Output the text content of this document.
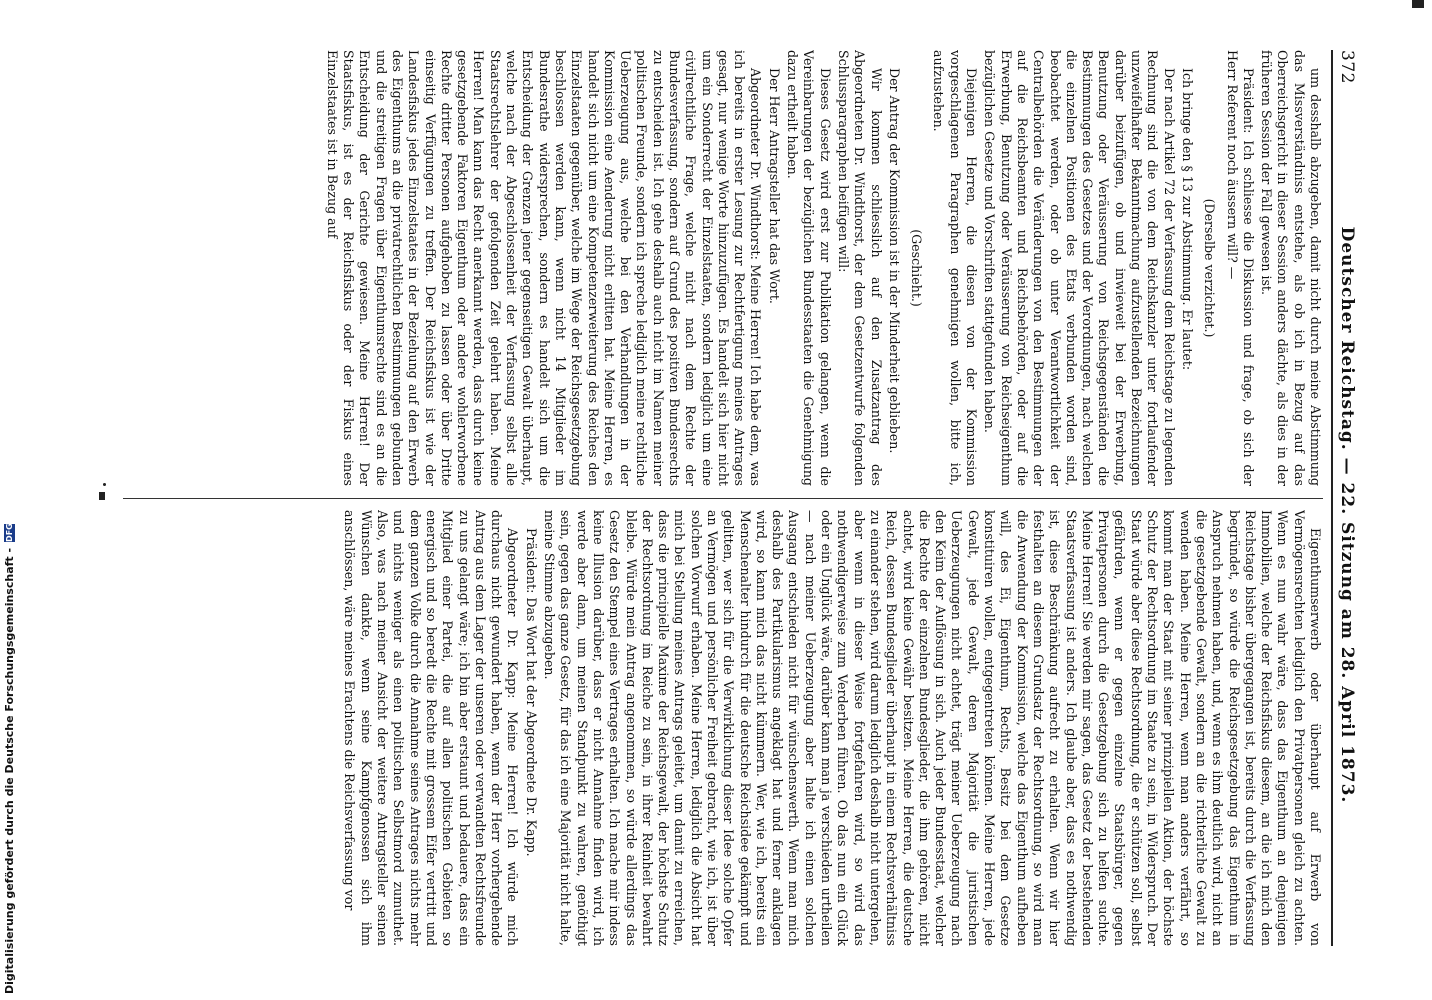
372
Deutscher Reichstag. — 22. Sitzung am 28. April 1873.

um desshalb abzugeben, damit nicht durch meine Abstimmung das Missverständniss entstehe, als ob ich in Bezug auf das Oberreichsgericht in dieser Session anders dächte, als dies in der früheren Session der Fall gewesen ist.

Präsident: Ich schliesse die Diskussion und frage, ob sich der Herr Referent noch äussern will? —

(Derselbe verzichtet.)

Ich bringe den § 13 zur Abstimmung. Er lautet:

Der nach Artikel 72 der Verfassung dem Reichstage zu legenden Rechnung sind die von dem Reichskanzler unter fortlaufender unzweifelhafter Bekanntmachung aufzustellenden Bezeichnungen darüber beizufügen, ob und inwieweit bei der Erwerbung, Benutzung oder Veräusserung von Reichsgegenständen die Bestimmungen des Gesetzes und der Verordnungen, nach welchen die einzelnen Positionen des Etats verbunden worden sind, beobachtet werden, oder ob unter Verantwortlichkeit der Centralbehörden die Veränderungen von den Bestimmungen der auf die Reichsbeamten und Reichsbehörden, oder auf die Erwerbung, Benutzung oder Veräusserung von Reichseigenthum bezüglichen Gesetze und Vorschriften stattgefunden haben.

Diejenigen Herren, die diesen von der Kommission vorgeschlagenen Paragraphen genehmigen wollen, bitte ich, aufzustehen.

(Geschieht.)

Der Antrag der Kommission ist in der Minderheit geblieben.

Wir kommen schliesslich auf den Zusatzantrag des Abgeordneten Dr. Windthorst, der dem Gesetzentwurfe folgenden Schlussparagraphen beifügen will:

Dieses Gesetz wird erst zur Publikation gelangen, wenn die Vereinbarungen der bezüglichen Bundesstaaten die Genehmigung dazu ertheilt haben.

Der Herr Antragsteller hat das Wort.

Abgeordneter Dr. Windthorst: Meine Herren! Ich habe dem, was ich bereits in erster Lesung zur Rechtfertigung meines Antrages gesagt, nur wenige Worte hinzuzufügen. Es handelt sich hier nicht um ein Sonderrecht der Einzelstaaten, sondern lediglich um eine civilrechtliche Frage, welche nicht nach dem Rechte der Bundesverfassung, sondern auf Grund des positiven Bundesrechts zu entscheiden ist. Ich gehe deshalb auch nicht im Namen meiner politischen Freunde, sondern ich spreche lediglich meine rechtliche Ueberzeugung aus, welche bei den Verhandlungen in der Kommission eine Aenderung nicht erlitten hat. Meine Herren, es handelt sich nicht um eine Kompetenzerweiterung des Reiches den Einzelstaaten gegenüber, welche im Wege der Reichsgesetzgebung beschlossen werden kann, wenn nicht 14 Mitglieder im Bundesrathe widersprechen, sondern es handelt sich um die Entscheidung der Grenzen jener gegenseitigen Gewalt überhaupt, welche nach der Abgeschlossenheit der Verfassung selbst alle Staatsrechtslehrer der gefolgenden Zeit gelehrt haben. Meine Herren! Man kann das Recht anerkannt werden, dass durch keine gesetzgebende Faktoren Eigenthum oder andere wohlerworbene Rechte dritter Personen aufgehoben zu lassen oder über Dritte einseitig Verfügungen zu treffen. Der Reichsfiskus ist wie der Landesfiskus jedes Einzelstaates in der Beziehung auf den Erwerb des Eigenthums an die privatrechtlichen Bestimmungen gebunden und die streitigen Fragen über Eigenthumsrechte sind es an die Entscheidung der Gerichte gewiesen. Meine Herren! Der Staatsfiskus, ist es der Reichsfiskus oder der Fiskus eines Einzelstaates ist in Bezug auf

Eigenthumserwerb oder überhaupt auf Erwerb von Vermögensrechten lediglich den Privatpersonen gleich zu achten. Wenn es nun wahr wäre, dass das Eigenthum an denjenigen Immobilien, welche der Reichsfiskus diesem, an die ich mich den Reichstage bisher übergegangen ist, bereits durch die Verfassung begründet, so würde die Reichsgesetzgebung das Eigenthum in Anspruch nehmen haben, und, wenn es ihm deutlich wird, nicht an die gesetzgebende Gewalt, sondern an die richterliche Gewalt zu wenden haben. Meine Herren, wenn man anders verfährt, so kommt man der Staat mit seiner prinzipiellen Aktion, der höchste Schutz der Rechtsordnung im Staate zu sein, in Widerspruch. Der Staat würde aber diese Rechtsordnung, die er schützen soll, selbst gefährden, wenn er gegen einzelne Staatsbürger, gegen Privatpersonen durch die Gesetzgebung sich zu helfen suchte. Meine Herren! Sie werden mir sagen, das Gesetz der bestehenden Staatsverfassung ist anders. Ich glaube aber, dass es nothwendig ist, diese Beschränkung aufrecht zu erhalten. Wenn wir hier festhalten an diesem Grundsatz der Rechtsordnung, so wird man die Anwendung der Kommission, welche das Eigenthum aufheben will, des Ei, Eigenthum, Rechts, Besitz bei dem Gesetze konstituiren wollen, entgegentreten können. Meine Herren, jede Gewalt, jede Gewalt, deren Majorität die juristischen Ueberzeugungen nicht achtet, trägt meiner Ueberzeugung nach den Keim der Auflösung in sich. Auch jeder Bundesstaat, welcher die Rechte der einzelnen Bundesglieder, die ihm gehören, nicht achtet, wird keine Gewähr besitzen. Meine Herren, die deutsche Reich, dessen Bundesglieder überhaupt in einem Rechtsverhältniss zu einander stehen, wird darum lediglich deshalb nicht untergehen, aber wenn in dieser Weise fortgefahren wird, so wird das nothwendigerweise zum Verderben führen. Ob das nun ein Glück oder ein Unglück wäre, darüber kann man ja verschieden urtheilen — nach meiner Ueberzeugung aber halte ich einen solchen Ausgang entschieden nicht für wünschenswerth. Wenn man mich deshalb des Partikularismus angeklagt hat und ferner anklagen wird, so kann mich das nicht kümmern. Wer, wie ich, bereits ein Menschenalter hindurch für die deutsche Reichsidee gekämpft und gelitten, wer sich für die Verwirklichung dieser Idee solche Opfer an Vermögen und persönlicher Freiheit gebracht, wie ich, ist über solchen Vorwurf erhaben. Meine Herren, lediglich die Absicht hat mich bei Stellung meines Antrags geleitet, um damit zu erreichen, dass die principielle Maxime der Reichsgewalt, der höchste Schutz der Rechtsordnung im Reiche zu sein, in ihrer Reinheit bewahrt bleibe. Würde mein Antrag angenommen, so würde allerdings das Gesetz den Stempel eines Vertrages erhalten. Ich mache mir indess keine Illusion darüber, dass er nicht Annahme finden wird, ich werde aber dann, um meinen Standpunkt zu wahren, genöthigt sein, gegen das ganze Gesetz, für das ich eine Majorität nicht halte, meine Stimme abzugeben.

Präsident: Das Wort hat der Abgeordnete Dr. Kapp.

Abgeordneter Dr. Kapp: Meine Herren! Ich würde mich durchaus nicht gewundert haben, wenn der Herr vorhergehende Antrag aus dem Lager der unseren oder verwandten Rechtsfreunde zu uns gelangt wäre; ich bin aber erstaunt und bedauere, dass ein Mitglied einer Partei, die auf allen politischen Gebieten so energisch und so beredt die Rechte mit grossem Eifer vertritt und dem ganzen Volke durch die Annahme seines Antrages nichts mehr und nichts weniger als einen politischen Selbstmord zumuthet. Also, was nach meiner Ansicht der weitere Antragsteller seinen Wünschen dankte, wenn seine Kampfgenossen sich ihm anschlössen, wäre meines Erachtens die Reichsverfassung vor

Digitalisierung gefördert durch die Deutsche Forschungsgemeinschaft -
DFG
